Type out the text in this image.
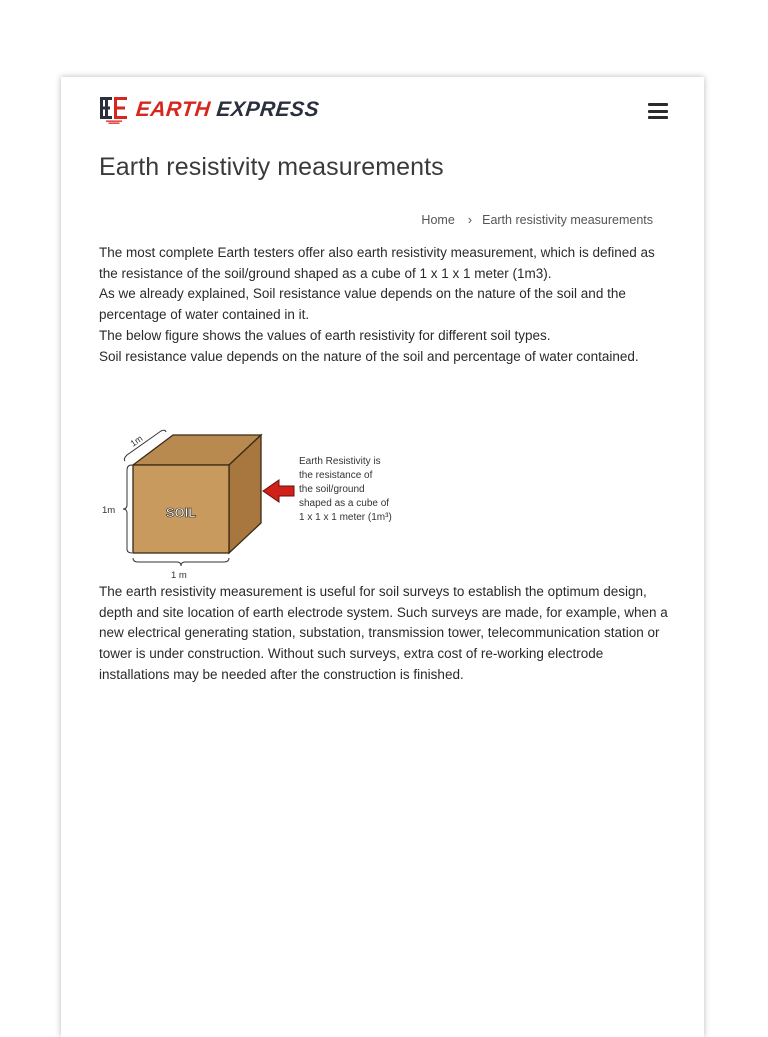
EARTH EXPRESS
Earth resistivity measurements
Home › Earth resistivity measurements
The most complete Earth testers offer also earth resistivity measurement, which is defined as the resistance of the soil/ground shaped as a cube of 1 x 1 x 1 meter (1m3).
As we already explained, Soil resistance value depends on the nature of the soil and the percentage of water contained in it.
The below figure shows the values of earth resistivity for different soil types.
Soil resistance value depends on the nature of the soil and percentage of water contained.
SOIL
1m
1m
1 m
Earth Resistivity is
the resistance of
the soil/ground
shaped as a cube of
1 x 1 x 1 meter (1m³)
The earth resistivity measurement is useful for soil surveys to establish the optimum design, depth and site location of earth electrode system. Such surveys are made, for example, when a new electrical generating station, substation, transmission tower, telecommunication station or tower is under construction. Without such surveys, extra cost of re-working electrode installations may be needed after the construction is finished.
